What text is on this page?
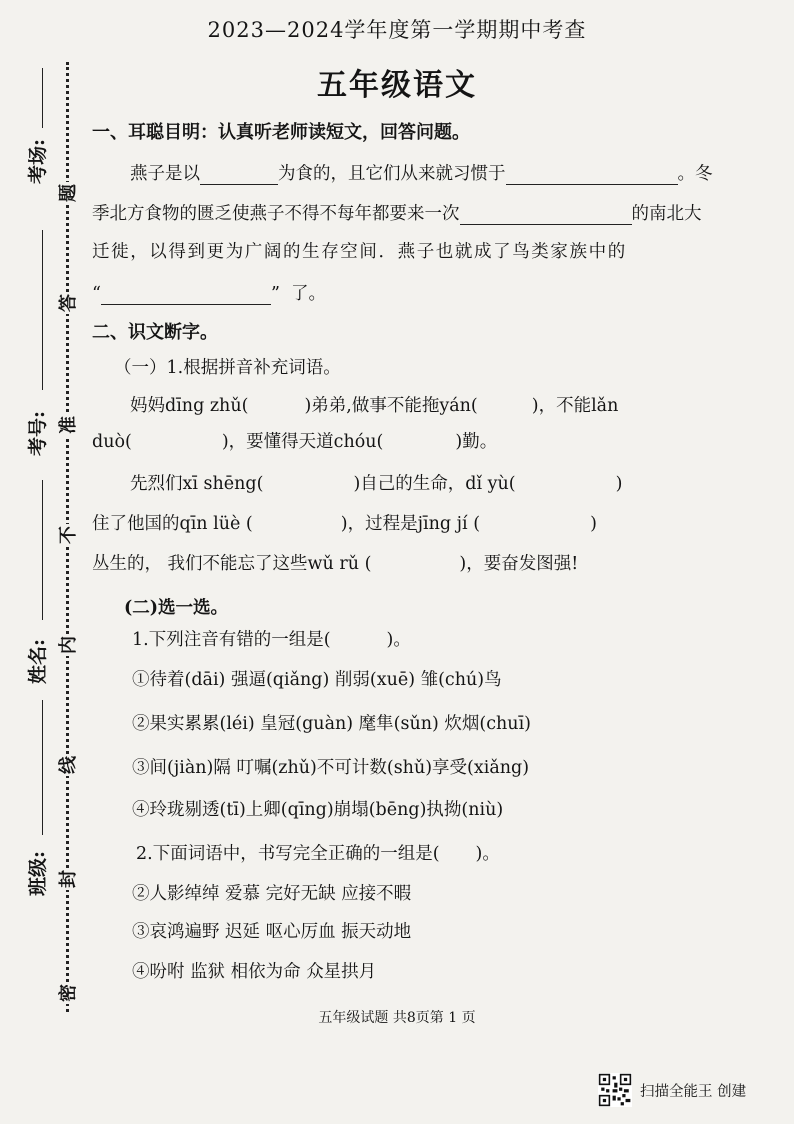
2023—2024学年度第一学期期中考查
五年级语文
考场:
考号:
姓名:
班级:
题
答
准
不
内
线
封
密
一、耳聪目明：认真听老师读短文，回答问题。
燕子是以	为食的，且它们从来就习惯于	。冬
季北方食物的匮乏使燕子不得不每年都要来一次	的南北大
迁徙，以得到更为广阔的生存空间．燕子也就成了鸟类家族中的
“	” 了。
二、识文断字。
（一）1.根据拼音补充词语。
妈妈dīng zhǔ(	)弟弟,做事不能拖yán(	)，不能lǎn
duò(	)，要懂得天道chóu(	)勤。
先烈们xī shēng(	)自己的生命，dǐ yù(	)
住了他国的qīn lüè (	)，过程是jīng jí (	)
丛生的， 我们不能忘了这些wǔ rǔ (	)，要奋发图强!
(二)选一选。
1.下列注音有错的一组是(	)。
①待着(dāi) 强逼(qiǎng) 削弱(xuē) 雏(chú)鸟
②果实累累(léi) 皇冠(guàn) 麾隼(sǔn) 炊烟(chuī)
③间(jiàn)隔 叮嘱(zhǔ)不可计数(shǔ)享受(xiǎng)
④玲珑剔透(tī)上卿(qīng)崩塌(bēng)执拗(niù)
2.下面词语中，书写完全正确的一组是( )。
②人影绰绰 爱慕 完好无缺 应接不暇
③哀鸿遍野 迟延 呕心厉血 振天动地
④吩咐 监狱 相依为命 众星拱月
五年级试题 共8页第 1 页
扫描全能王 创建
